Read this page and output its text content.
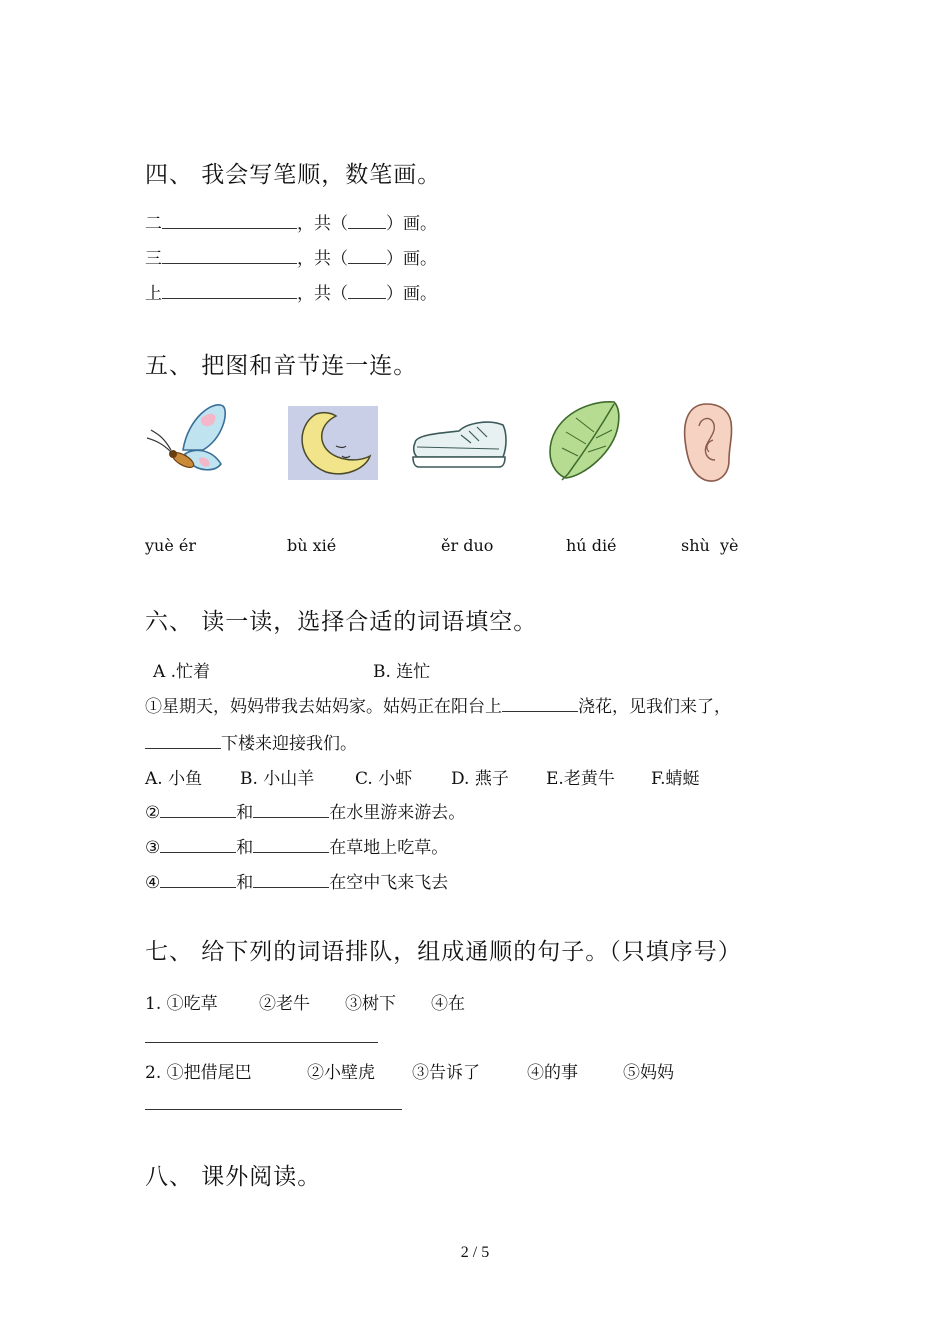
四、 我会写笔顺，数笔画。
二	，共（ ）画。
三	，共（ ）画。
上	，共（ ）画。
五、 把图和音节连一连。
yuè ér	bù xié	ěr duo	hú dié	shù  yè
六、 读一读，选择合适的词语填空。
A .忙着	B. 连忙
①星期天，妈妈带我去姑妈家。姑妈正在阳台上	浇花，见我们来了，
下楼来迎接我们。
A. 小鱼 B. 小山羊 C. 小虾 D. 燕子 E.老黄牛 F.蜻蜓
②	和	在水里游来游去。
③	和	在草地上吃草。
④	和	在空中飞来飞去
七、 给下列的词语排队，组成通顺的句子。（只填序号）
1. ①吃草 ②老牛 ③树下 ④在
2. ①把借尾巴	②小壁虎 ③告诉了	④的事	⑤妈妈
八、 课外阅读。
2 / 5
